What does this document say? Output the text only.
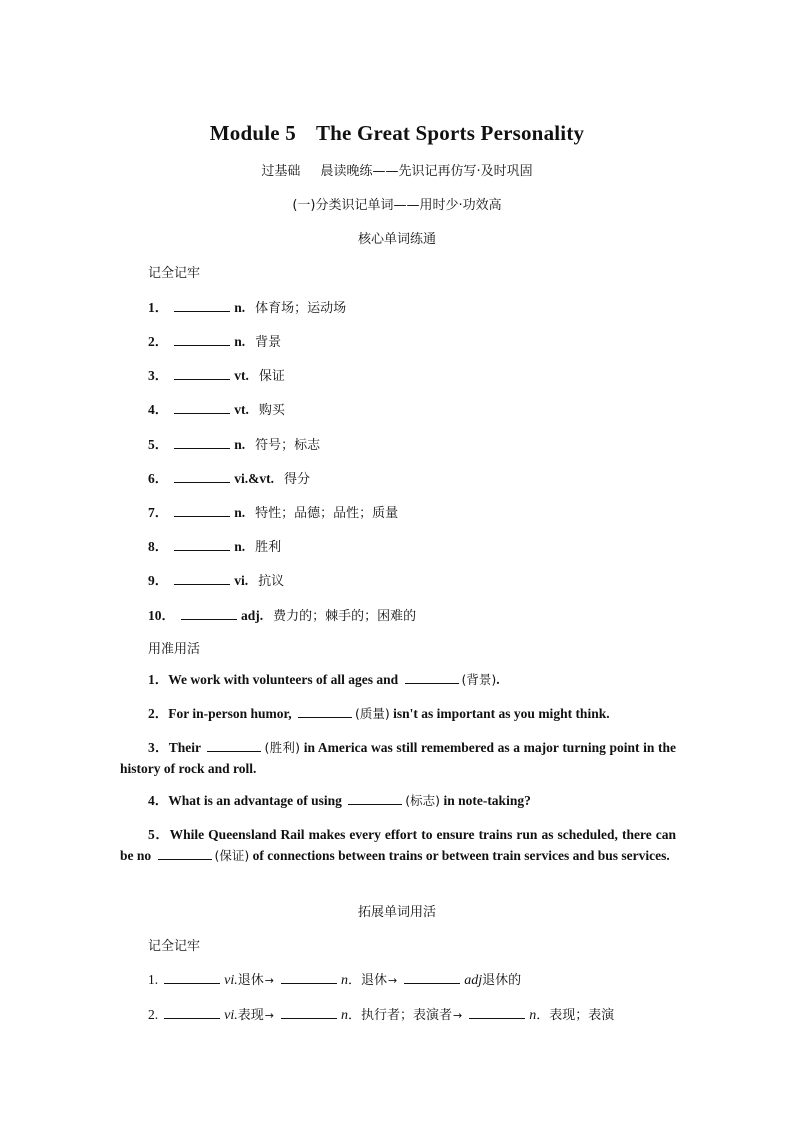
Module 5 The Great Sports Personality
过基础 晨读晚练——先识记再仿写·及时巩固
(一)分类识记单词——用时少·功效高
核心单词练通
记全记牢
1．	n. 体育场；运动场
2．	n. 背景
3．	vt. 保证
4．	vt. 购买
5．	n. 符号；标志
6．	vi.&vt. 得分
7．	n. 特性；品德；品性；质量
8．	n. 胜利
9．	vi. 抗议
10．	adj. 费力的；棘手的；困难的
用准用活
1．We work with volunteers of all ages and	(背景).
2．For in-person humor,	(质量) isn't as important as you might think.
3．Their	(胜利) in America was still remembered as a major turning point in the history of rock and roll.
4．What is an advantage of using	(标志) in note-taking?
5．While Queensland Rail makes every effort to ensure trains run as scheduled, there can be no	(保证) of connections between trains or between train services and bus services.
拓展单词用活
记全记牢
1.	vi.退休→	n．退休→	adj退休的
2.	vi.表现→	n．执行者；表演者→	n．表现；表演
